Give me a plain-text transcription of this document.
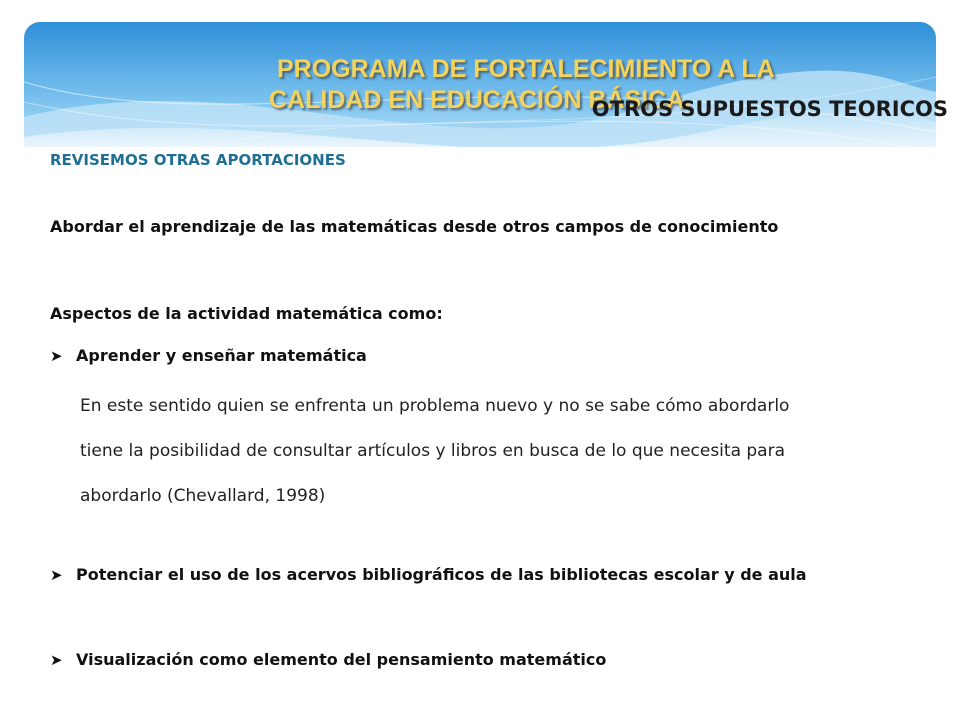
PROGRAMA DE FORTALECIMIENTO A LA
CALIDAD EN EDUCACIÓN BÁSICA.
OTROS SUPUESTOS TEORICOS
REVISEMOS OTRAS APORTACIONES
Abordar el aprendizaje de las matemáticas desde otros campos de conocimiento
Aspectos de la actividad matemática como:
➤ Aprender y enseñar matemática
En este sentido quien se enfrenta un problema nuevo y no se sabe cómo abordarlo
tiene la posibilidad de consultar artículos y libros en busca de lo que necesita para
abordarlo (Chevallard, 1998)
➤ Potenciar el uso de los acervos bibliográficos de las bibliotecas escolar y de aula
➤ Visualización como elemento del pensamiento matemático
